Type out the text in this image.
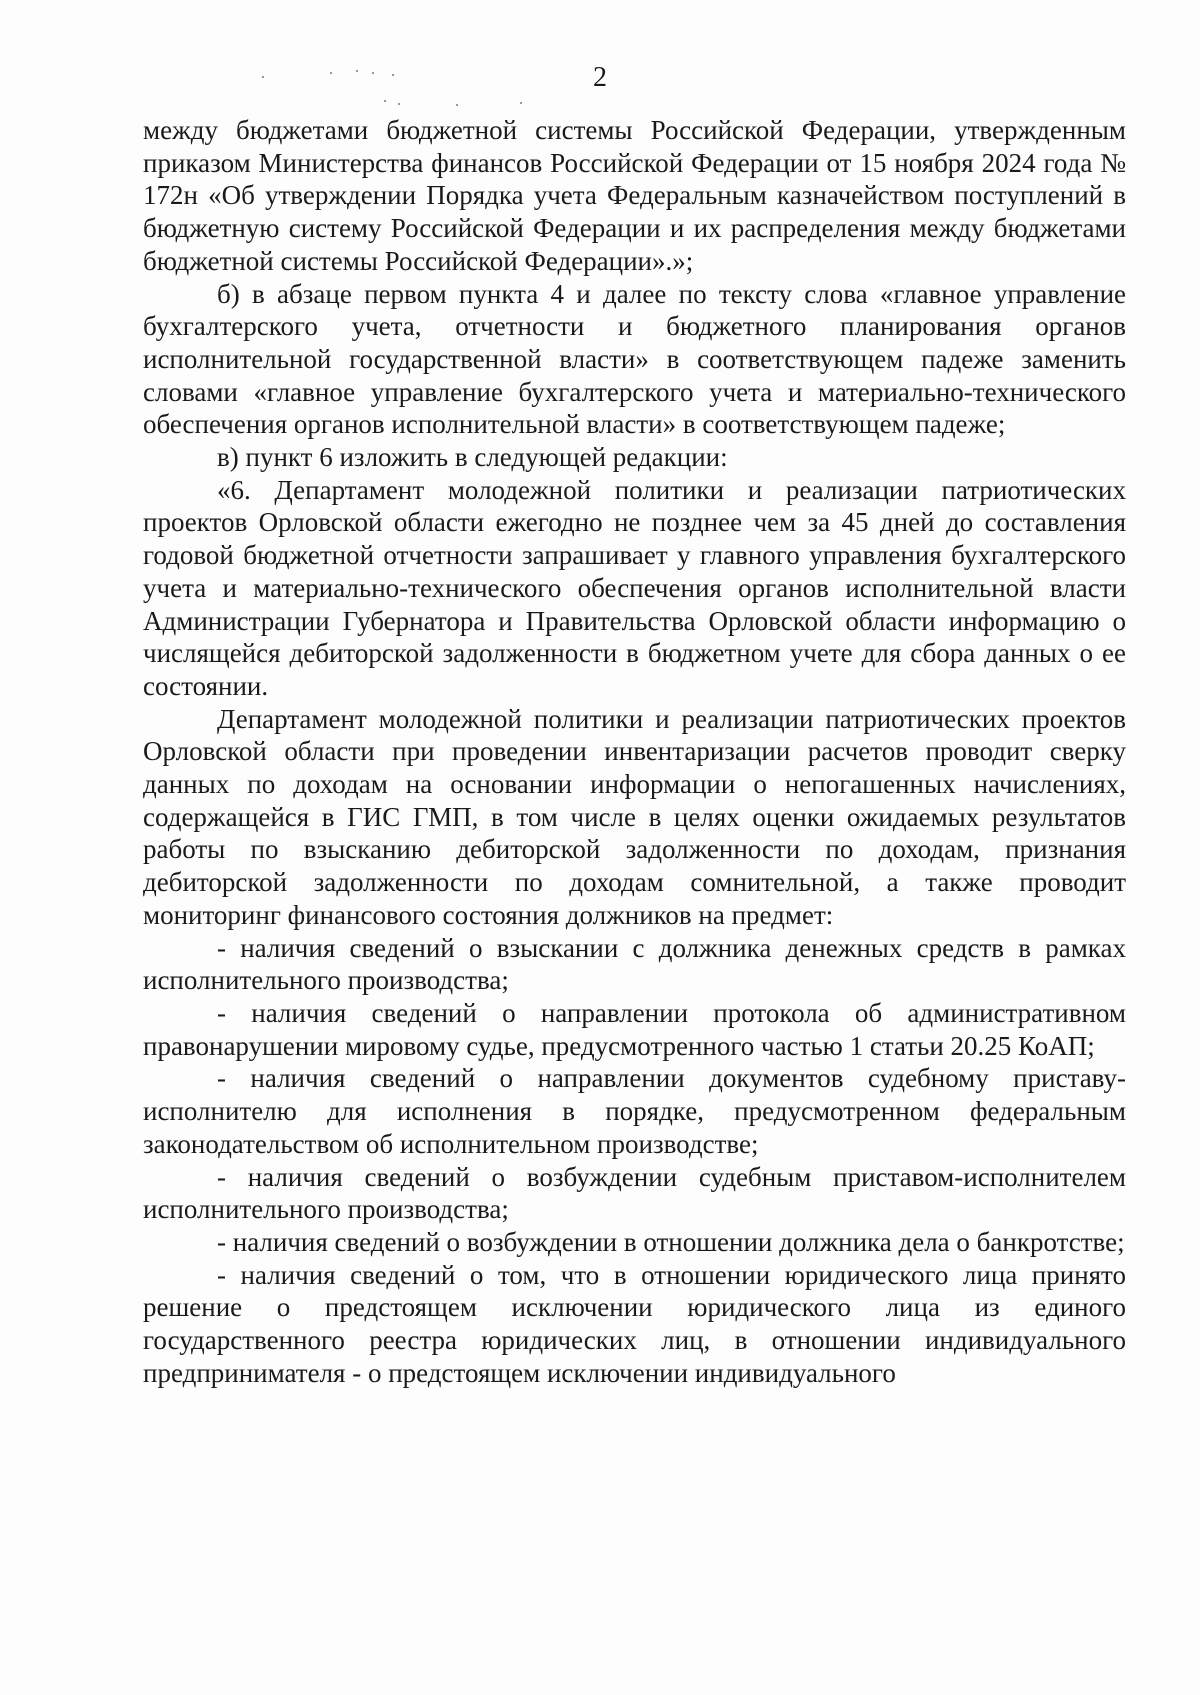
2

между бюджетами бюджетной системы Российской Федерации, утвержденным приказом Министерства финансов Российской Федерации от 15 ноября 2024 года № 172н «Об утверждении Порядка учета Федеральным казначейством поступлений в бюджетную систему Российской Федерации и их распределения между бюджетами бюджетной системы Российской Федерации».»;

б) в абзаце первом пункта 4 и далее по тексту слова «главное управление бухгалтерского учета, отчетности и бюджетного планирования органов исполнительной государственной власти» в соответствующем падеже заменить словами «главное управление бухгалтерского учета и материально-технического обеспечения органов исполнительной власти» в соответствующем падеже;

в) пункт 6 изложить в следующей редакции:

«6. Департамент молодежной политики и реализации патриотических проектов Орловской области ежегодно не позднее чем за 45 дней до составления годовой бюджетной отчетности запрашивает у главного управления бухгалтерского учета и материально-технического обеспечения органов исполнительной власти Администрации Губернатора и Правительства Орловской области информацию о числящейся дебиторской задолженности в бюджетном учете для сбора данных о ее состоянии.

Департамент молодежной политики и реализации патриотических проектов Орловской области при проведении инвентаризации расчетов проводит сверку данных по доходам на основании информации о непогашенных начислениях, содержащейся в ГИС ГМП, в том числе в целях оценки ожидаемых результатов работы по взысканию дебиторской задолженности по доходам, признания дебиторской задолженности по доходам сомнительной, а также проводит мониторинг финансового состояния должников на предмет:

- наличия сведений о взыскании с должника денежных средств в рамках исполнительного производства;

- наличия сведений о направлении протокола об административном правонарушении мировому судье, предусмотренного частью 1 статьи 20.25 КоАП;

- наличия сведений о направлении документов судебному приставу-исполнителю для исполнения в порядке, предусмотренном федеральным законодательством об исполнительном производстве;

- наличия сведений о возбуждении судебным приставом-исполнителем исполнительного производства;

- наличия сведений о возбуждении в отношении должника дела о банкротстве;

- наличия сведений о том, что в отношении юридического лица принято решение о предстоящем исключении юридического лица из единого государственного реестра юридических лиц, в отношении индивидуального предпринимателя - о предстоящем исключении индивидуального
